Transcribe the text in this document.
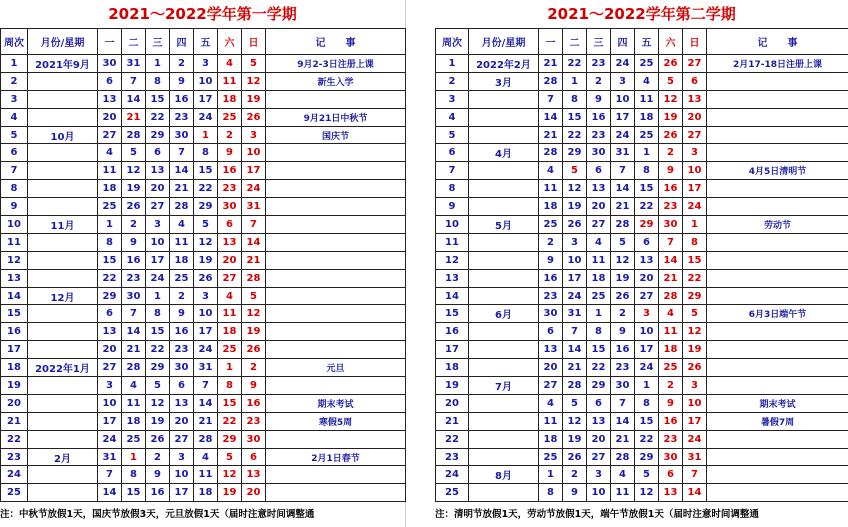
2021～2022学年第一学期
周次	月份/星期	一	二	三	四	五	六	日	记　　事
1	2021年9月	30	31	1	2	3	4	5	9月2-3日注册上课
2		6	7	8	9	10	11	12	新生入学
3		13	14	15	16	17	18	19	
4		20	21	22	23	24	25	26	9月21日中秋节
5	10月	27	28	29	30	1	2	3	国庆节
6		4	5	6	7	8	9	10	
7		11	12	13	14	15	16	17	
8		18	19	20	21	22	23	24	
9		25	26	27	28	29	30	31	
10	11月	1	2	3	4	5	6	7	
11		8	9	10	11	12	13	14	
12		15	16	17	18	19	20	21	
13		22	23	24	25	26	27	28	
14	12月	29	30	1	2	3	4	5	
15		6	7	8	9	10	11	12	
16		13	14	15	16	17	18	19	
17		20	21	22	23	24	25	26	
18	2022年1月	27	28	29	30	31	1	2	元旦
19		3	4	5	6	7	8	9	
20		10	11	12	13	14	15	16	期末考试
21		17	18	19	20	21	22	23	寒假5周
22		24	25	26	27	28	29	30	
23	2月	31	1	2	3	4	5	6	2月1日春节
24		7	8	9	10	11	12	13	
25		14	15	16	17	18	19	20	
注：中秋节放假1天，国庆节放假3天，元旦放假1天（届时注意时间调整通
2021～2022学年第二学期
周次	月份/星期	一	二	三	四	五	六	日	记　　事
1	2022年2月	21	22	23	24	25	26	27	2月17-18日注册上课
2	3月	28	1	2	3	4	5	6	
3		7	8	9	10	11	12	13	
4		14	15	16	17	18	19	20	
5		21	22	23	24	25	26	27	
6	4月	28	29	30	31	1	2	3	
7		4	5	6	7	8	9	10	4月5日清明节
8		11	12	13	14	15	16	17	
9		18	19	20	21	22	23	24	
10	5月	25	26	27	28	29	30	1	劳动节
11		2	3	4	5	6	7	8	
12		9	10	11	12	13	14	15	
13		16	17	18	19	20	21	22	
14		23	24	25	26	27	28	29	
15	6月	30	31	1	2	3	4	5	6月3日端午节
16		6	7	8	9	10	11	12	
17		13	14	15	16	17	18	19	
18		20	21	22	23	24	25	26	
19	7月	27	28	29	30	1	2	3	
20		4	5	6	7	8	9	10	期末考试
21		11	12	13	14	15	16	17	暑假7周
22		18	19	20	21	22	23	24	
23		25	26	27	28	29	30	31	
24	8月	1	2	3	4	5	6	7	
25		8	9	10	11	12	13	14	
注：清明节放假1天，劳动节放假1天，端午节放假1天（届时注意时间调整通
